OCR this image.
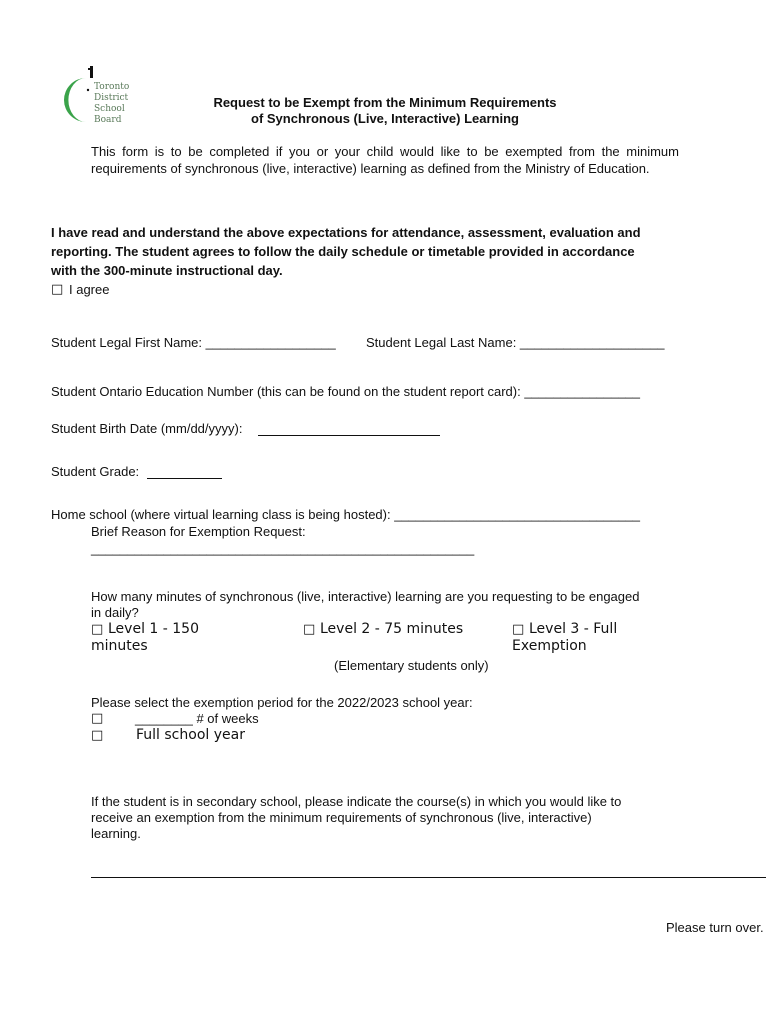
Toronto
District
School
Board
Request to be Exempt from the Minimum Requirements
of Synchronous (Live, Interactive) Learning
This form is to be completed if you or your child would like to be exempted from the minimum requirements of synchronous (live, interactive) learning as defined from the Ministry of Education.
I have read and understand the above expectations for attendance, assessment, evaluation and
reporting. The student agrees to follow the daily schedule or timetable provided in accordance
with the 300-minute instructional day.
□ I agree
Student Legal First Name: __________________ Student Legal Last Name: ____________________
Student Ontario Education Number (this can be found on the student report card): ________________
Student Birth Date (mm/dd/yyyy):
Student Grade:
Home school (where virtual learning class is being hosted): __________________________________
Brief Reason for Exemption Request:
_____________________________________________________
How many minutes of synchronous (live, interactive) learning are you requesting to be engaged
in daily?
□ Level 1 - 150
minutes
□ Level 2 - 75 minutes	□ Level 3 - Full
Exemption
(Elementary students only)
Please select the exemption period for the 2022/2023 school year:
□ ________ # of weeks
□ Full school year
If the student is in secondary school, please indicate the course(s) in which you would like to
receive an exemption from the minimum requirements of synchronous (live, interactive)
learning.
Please turn over.
